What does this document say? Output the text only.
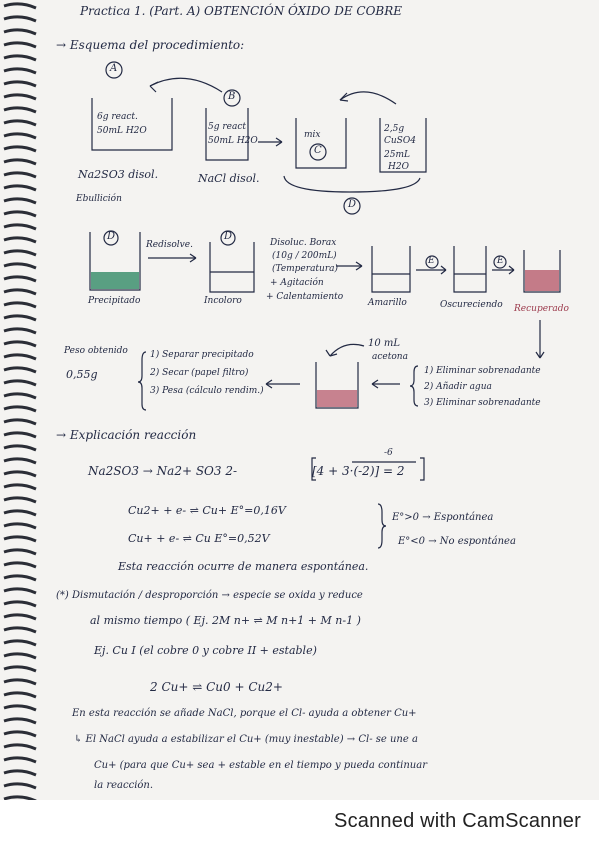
Practica 1. (Part. A) OBTENCIÓN ÓXIDO DE COBRE
→ Esquema del procedimiento:
A
B
6g react.
50mL H2O	5g react
50mL H2O
mix
C
2,5g
CuSO4
25mL
H2O
Na2SO3 disol.	NaCl disol.
Ebullición	D
D
Redisolve.
D
Disoluc. Borax
(10g / 200mL)
(Temperatura)
+ Agitación
+ Calentamiento
E	E
Precipitado	Incoloro	Amarillo	Oscureciendo Recuperado
Peso obtenido
0,55g
1) Separar precipitado
2) Secar (papel filtro)
3) Pesa (cálculo rendim.)
10 mL
acetona
1) Eliminar sobrenadante
2) Añadir agua
3) Eliminar sobrenadante
→ Explicación reacción
Na2SO3 → Na2+ SO3 2-
-6
[4 + 3·(-2)] = 2
Cu2+ + e- ⇌ Cu+ E°=0,16V
Cu+ + e- ⇌ Cu E°=0,52V
E°>0 → Espontánea
E°<0 → No espontánea
Esta reacción ocurre de manera espontánea.
(*) Dismutación / desproporción → especie se oxida y reduce
al mismo tiempo ( Ej. 2M n+ ⇌ M n+1 + M n-1 )
Ej. Cu I (el cobre 0 y cobre II + estable)
2 Cu+ ⇌ Cu0 + Cu2+
En esta reacción se añade NaCl, porque el Cl- ayuda a obtener Cu+
↳ El NaCl ayuda a estabilizar el Cu+ (muy inestable) → Cl- se une a
Cu+ (para que Cu+ sea + estable en el tiempo y pueda continuar
la reacción.
Scanned with CamScanner
